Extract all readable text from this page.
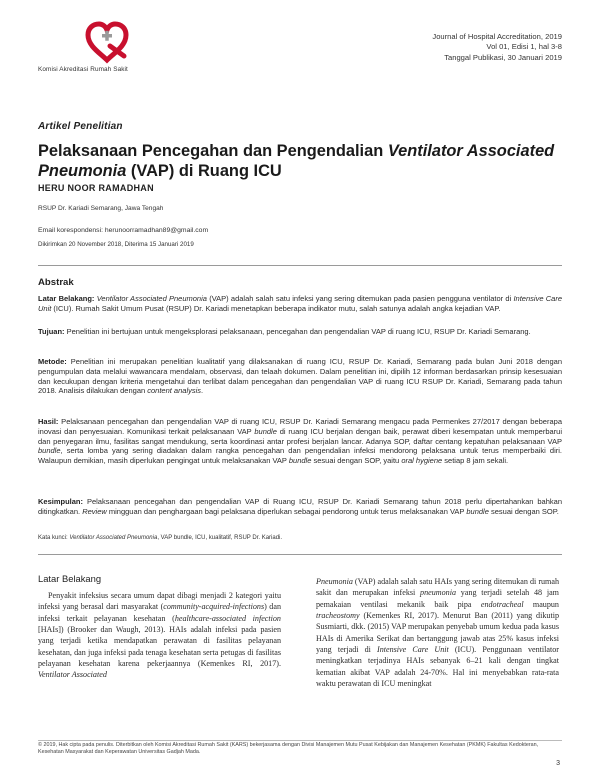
Komisi Akreditasi Rumah Sakit
Journal of Hospital Accreditation, 2019
Vol 01, Edisi 1, hal 3-8
Tanggal Publikasi, 30 Januari 2019
Artikel Penelitian
Pelaksanaan Pencegahan dan Pengendalian Ventilator Associated Pneumonia (VAP) di Ruang ICU
HERU NOOR RAMADHAN
RSUP Dr. Kariadi Semarang, Jawa Tengah
Email korespondensi: herunoorramadhan89@gmail.com
Dikirimkan 20 November 2018, Diterima 15 Januari 2019
Abstrak
Latar Belakang: Ventilator Associated Pneumonia (VAP) adalah salah satu infeksi yang sering ditemukan pada pasien pengguna ventilator di Intensive Care Unit (ICU). Rumah Sakit Umum Pusat (RSUP) Dr. Kariadi menetapkan beberapa indikator mutu, salah satunya adalah angka kejadian VAP.
Tujuan: Penelitian ini bertujuan untuk mengeksplorasi pelaksanaan, pencegahan dan pengendalian VAP di ruang ICU, RSUP Dr. Kariadi Semarang.
Metode: Penelitian ini merupakan penelitian kualitatif yang dilaksanakan di ruang ICU, RSUP Dr. Kariadi, Semarang pada bulan Juni 2018 dengan pengumpulan data melalui wawancara mendalam, observasi, dan telaah dokumen. Dalam penelitian ini, dipilih 12 informan berdasarkan prinsip kesesuaian dan kecukupan dengan kriteria mengetahui dan terlibat dalam pencegahan dan pengendalian VAP di ruang ICU RSUP Dr. Kariadi, Semarang pada tahun 2018. Analisis dilakukan dengan content analysis.
Hasil: Pelaksanaan pencegahan dan pengendalian VAP di ruang ICU, RSUP Dr. Kariadi Semarang mengacu pada Permenkes 27/2017 dengan beberapa inovasi dan penyesuaian. Komunikasi terkait pelaksanaan VAP bundle di ruang ICU berjalan dengan baik, perawat diberi kesempatan untuk memperbarui dan penyegaran ilmu, fasilitas sangat mendukung, serta koordinasi antar profesi berjalan lancar. Adanya SOP, daftar centang kepatuhan pelaksanaan VAP bundle, serta lomba yang sering diadakan dalam rangka pencegahan dan pengendalian infeksi mendorong pelaksana untuk terus memperbaiki diri. Walaupun demikian, masih diperlukan pengingat untuk melaksanakan VAP bundle sesuai dengan SOP, yaitu oral hygiene setiap 8 jam sekali.
Kesimpulan: Pelaksanaan pencegahan dan pengendalian VAP di Ruang ICU, RSUP Dr. Kariadi Semarang tahun 2018 perlu dipertahankan bahkan ditingkatkan. Review mingguan dan penghargaan bagi pelaksana diperlukan sebagai pendorong untuk terus melaksanakan VAP bundle sesuai dengan SOP.
Kata kunci: Ventilator Associated Pneumonia, VAP bundle, ICU, kualitatif, RSUP Dr. Kariadi.
Latar Belakang
Penyakit infeksius secara umum dapat dibagi menjadi 2 kategori yaitu infeksi yang berasal dari masyarakat (community-acquired-infections) dan infeksi terkait pelayanan kesehatan (healthcare-associated infection [HAIs]) (Brooker dan Waugh, 2013). HAIs adalah infeksi pada pasien yang terjadi ketika mendapatkan perawatan di fasilitas pelayanan kesehatan, dan juga infeksi pada tenaga kesehatan serta petugas di fasilitas pelayanan kesehatan karena pekerjaannya (Kemenkes RI, 2017). Ventilator Associated
Pneumonia (VAP) adalah salah satu HAIs yang sering ditemukan di rumah sakit dan merupakan infeksi pneumonia yang terjadi setelah 48 jam pemakaian ventilasi mekanik baik pipa endotracheal maupun tracheostomy (Kemenkes RI, 2017). Menurut Ban (2011) yang dikutip Susmiarti, dkk. (2015) VAP merupakan penyebab umum kedua pada kasus HAIs di Amerika Serikat dan bertanggung jawab atas 25% kasus infeksi yang terjadi di Intensive Care Unit (ICU). Penggunaan ventilator meningkatkan terjadinya HAIs sebanyak 6–21 kali dengan tingkat kematian akibat VAP adalah 24-70%. Hal ini menyebabkan rata-rata waktu perawatan di ICU meningkat
© 2019, Hak cipta pada penulis. Diterbitkan oleh Komisi Akreditasi Rumah Sakit (KARS) bekerjasama dengan Divisi Manajemen Mutu Pusat Kebijakan dan Manajemen Kesehatan (PKMK) Fakultas Kedokteran, Kesehatan Masyarakat dan Keperawatan Universitas Gadjah Mada.
3
